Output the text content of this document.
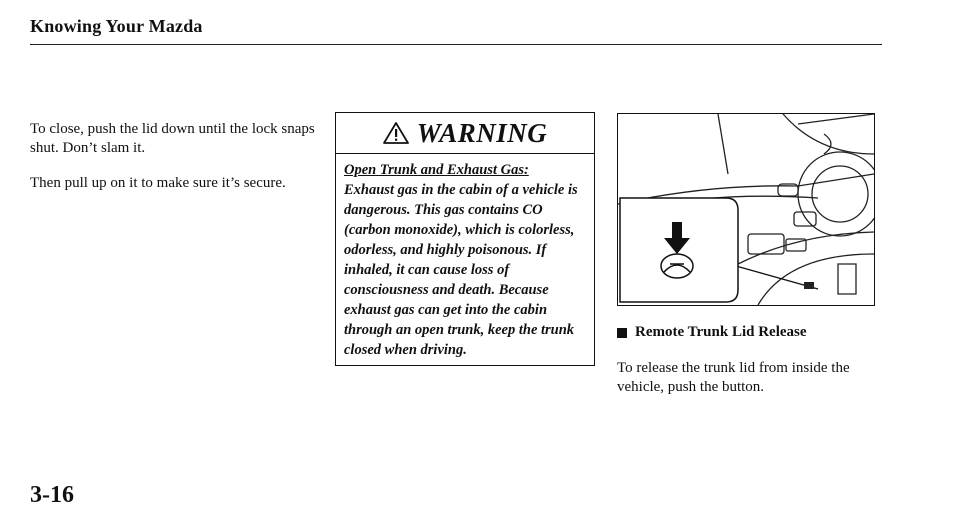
Knowing Your Mazda

To close, push the lid down until the lock snaps shut. Don’t slam it.

Then pull up on it to make sure it’s secure.

WARNING
Open Trunk and Exhaust Gas:
Exhaust gas in the cabin of a vehicle is dangerous. This gas contains CO (carbon monoxide), which is colorless, odorless, and highly poisonous. If inhaled, it can cause loss of consciousness and death. Because exhaust gas can get into the cabin through an open trunk, keep the trunk closed when driving.
Remote Trunk Lid Release
To release the trunk lid from inside the vehicle, push the button.
3-16
